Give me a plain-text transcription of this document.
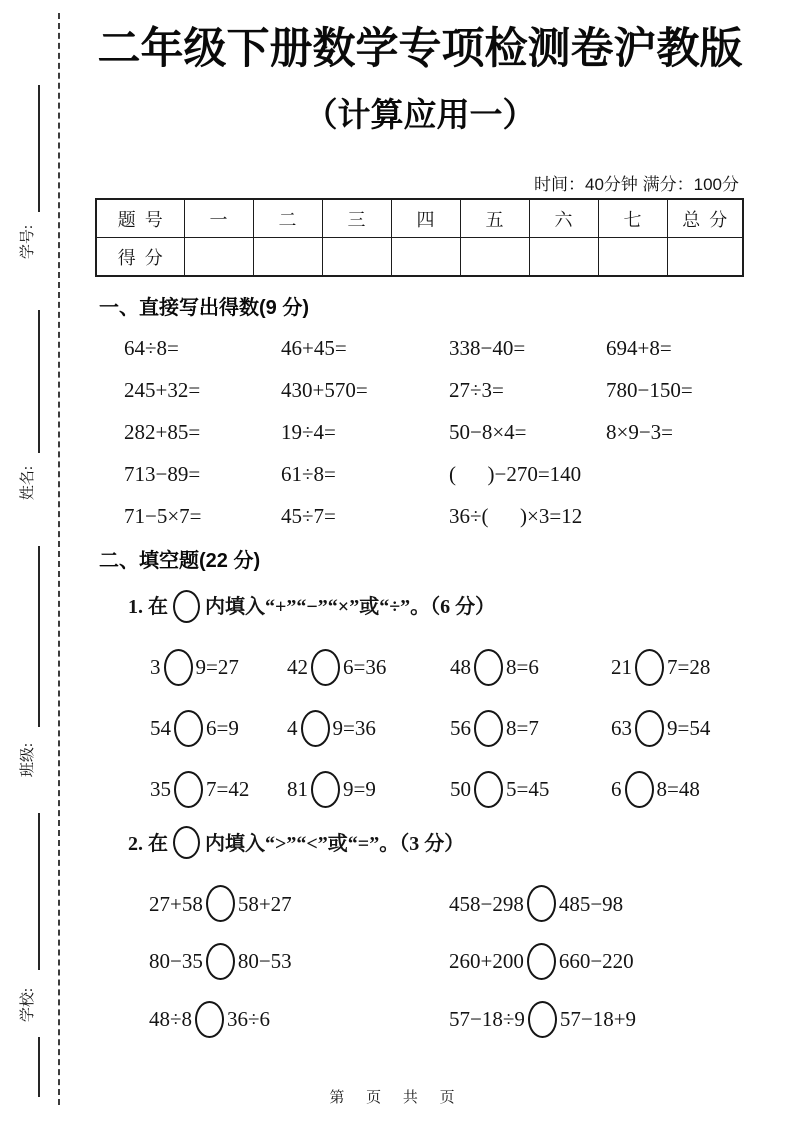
学号:
姓名:
班级:
学校:
二年级下册数学专项检测卷沪教版
（计算应用一）
时间：40分钟 满分：100分
题  号	一	二	三	四	五	六	七	总  分
得  分								
一、直接写出得数(9 分)
64÷8=	46+45=	338−40=	694+8=
245+32=	430+570=	27÷3=	780−150=
282+85=	19÷4=	50−8×4=	8×9−3=
713−89=	61÷8=	(      )−270=140
71−5×7=	45÷7=	36÷(      )×3=12
二、填空题(22 分)
1. 在 内填入“+”“−”“×”或“÷”。（6 分）
3 9=27	42 6=36	48 8=6	21 7=28
54 6=9	4 9=36	56 8=7	63 9=54
35 7=42	81 9=9	50 5=45	6 8=48
2. 在 内填入“>”“<”或“=”。（3 分）
27+58 58+27	458−298 485−98
80−35 80−53	260+200 660−220
48÷8 36÷6	57−18÷9 57−18+9
第 页 共 页
